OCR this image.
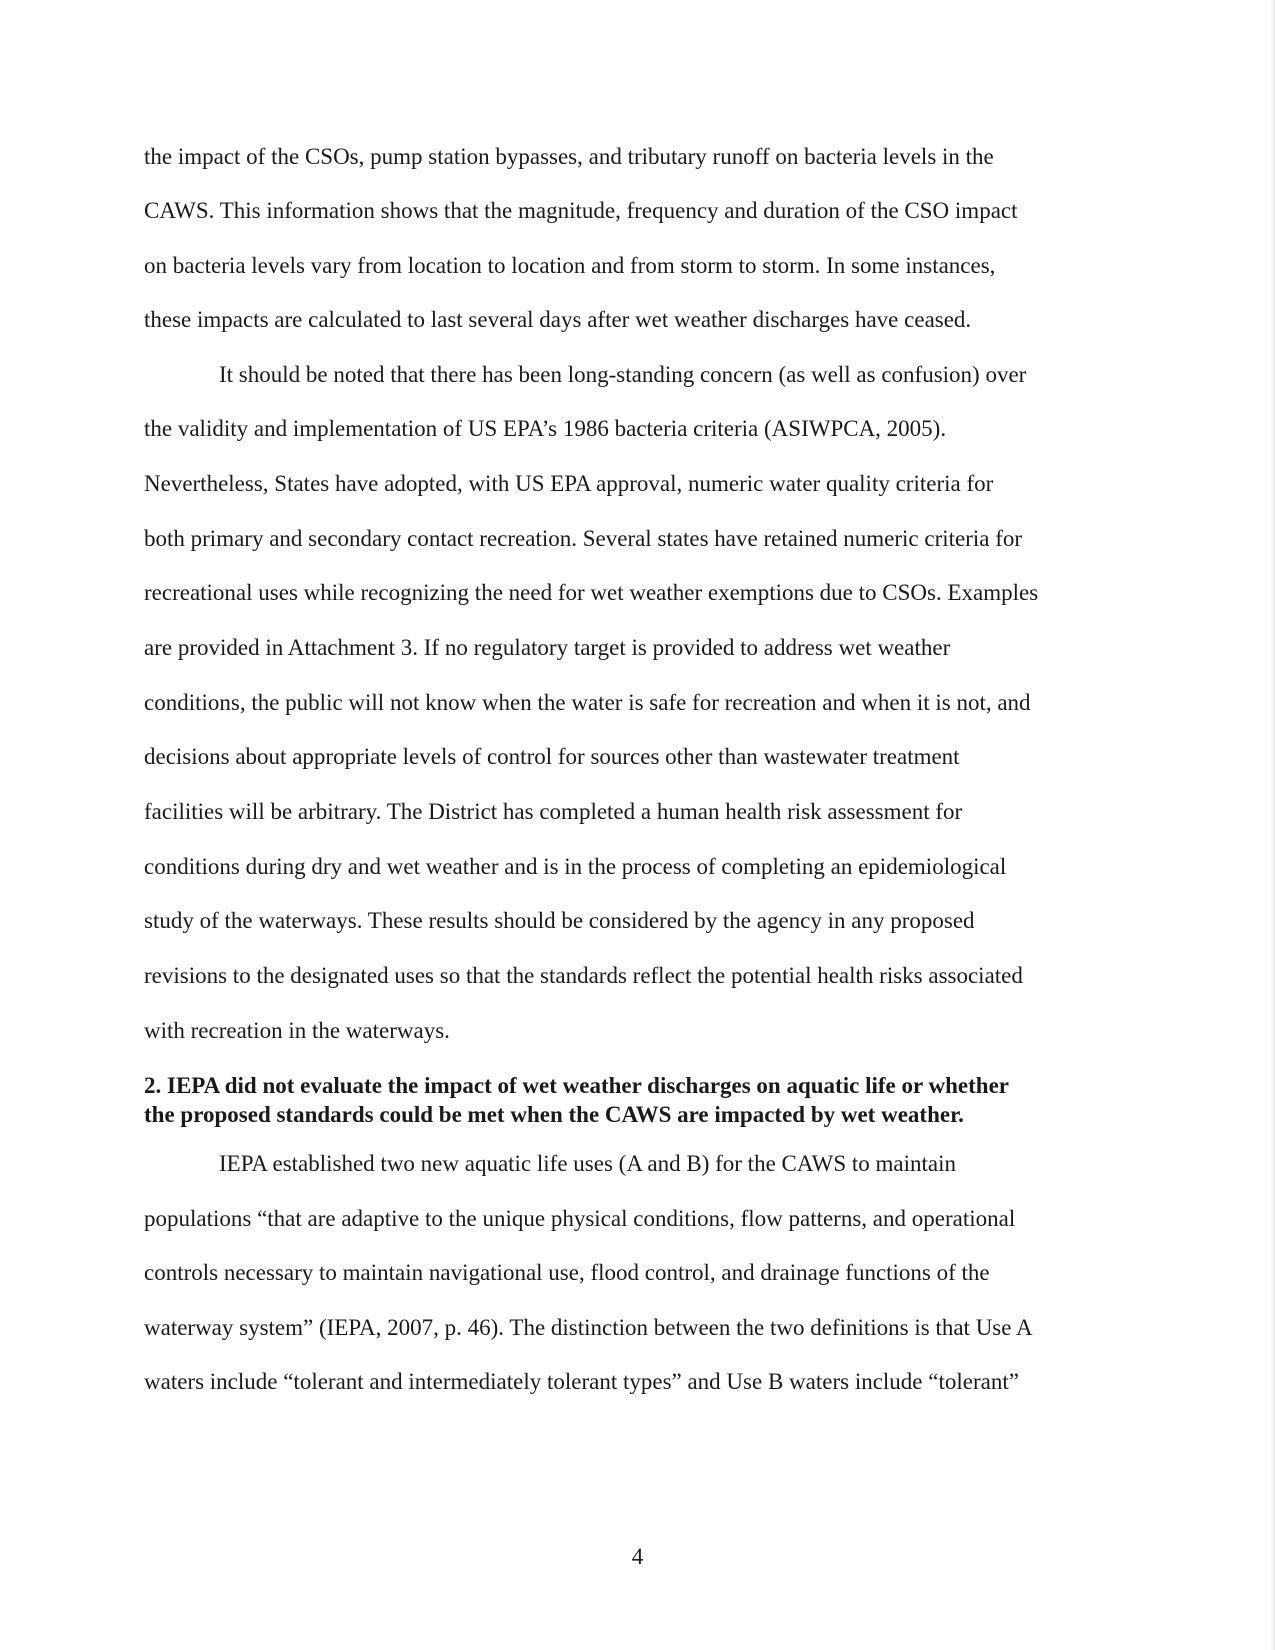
the impact of the CSOs, pump station bypasses, and tributary runoff on bacteria levels in the

CAWS. This information shows that the magnitude, frequency and duration of the CSO impact

on bacteria levels vary from location to location and from storm to storm. In some instances,

these impacts are calculated to last several days after wet weather discharges have ceased.

It should be noted that there has been long-standing concern (as well as confusion) over

the validity and implementation of US EPA’s 1986 bacteria criteria (ASIWPCA, 2005).

Nevertheless, States have adopted, with US EPA approval, numeric water quality criteria for

both primary and secondary contact recreation. Several states have retained numeric criteria for

recreational uses while recognizing the need for wet weather exemptions due to CSOs. Examples

are provided in Attachment 3. If no regulatory target is provided to address wet weather

conditions, the public will not know when the water is safe for recreation and when it is not, and

decisions about appropriate levels of control for sources other than wastewater treatment

facilities will be arbitrary. The District has completed a human health risk assessment for

conditions during dry and wet weather and is in the process of completing an epidemiological

study of the waterways. These results should be considered by the agency in any proposed

revisions to the designated uses so that the standards reflect the potential health risks associated

with recreation in the waterways.

2. IEPA did not evaluate the impact of wet weather discharges on aquatic life or whether

the proposed standards could be met when the CAWS are impacted by wet weather.

IEPA established two new aquatic life uses (A and B) for the CAWS to maintain

populations “that are adaptive to the unique physical conditions, flow patterns, and operational

controls necessary to maintain navigational use, flood control, and drainage functions of the

waterway system” (IEPA, 2007, p. 46). The distinction between the two definitions is that Use A

waters include “tolerant and intermediately tolerant types” and Use B waters include “tolerant”

4
